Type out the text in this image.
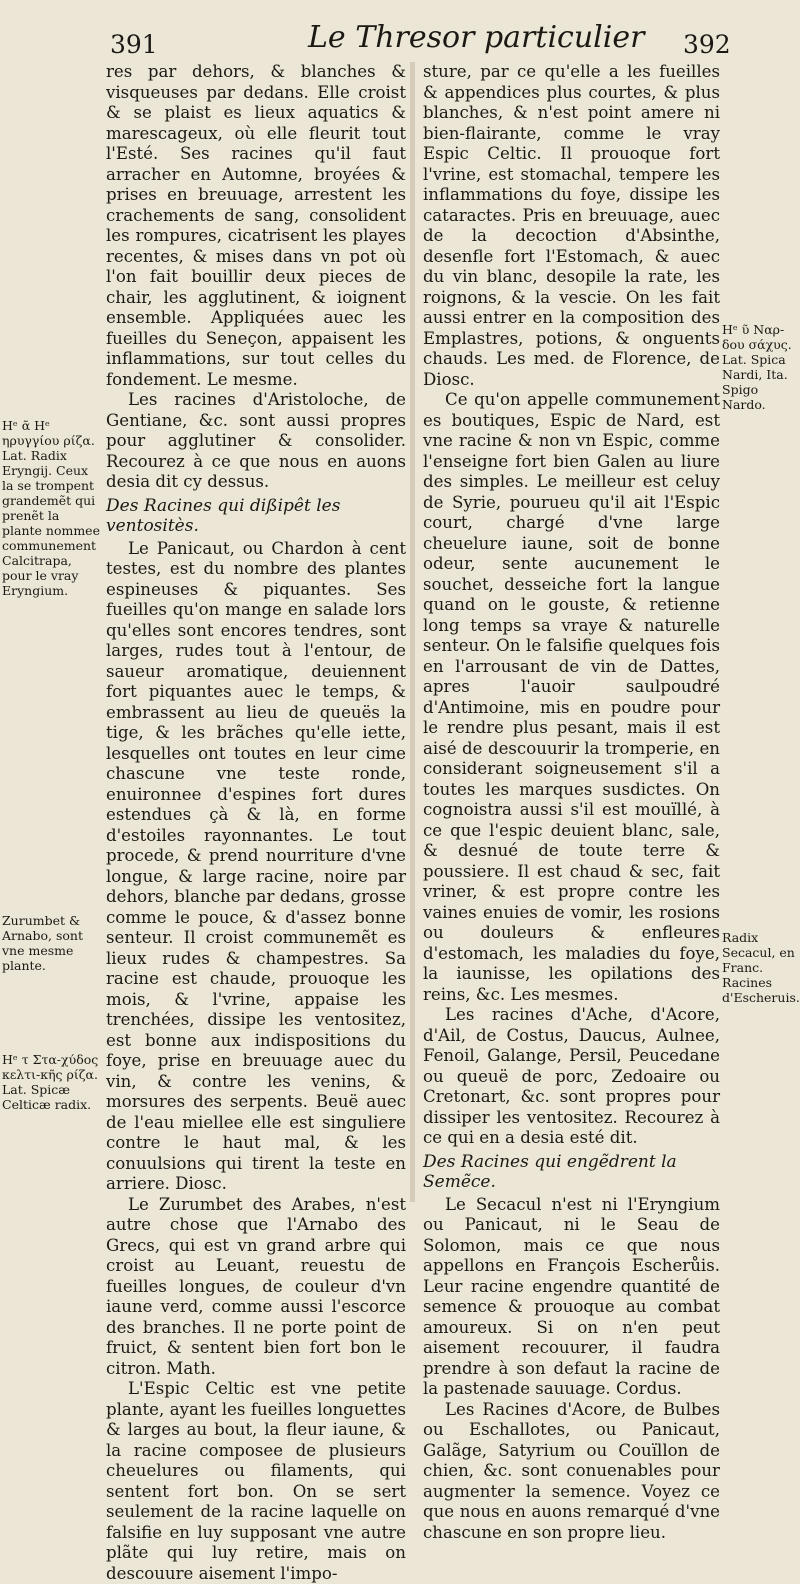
391	Le Thresor particulier 392

res par dehors, & blanches & visqueuses par dedans. Elle croist & se plaist es lieux aquatics & marescageux, où elle fleurit tout l'Esté. Ses racines qu'il faut arracher en Automne, broyées & prises en breuuage, arrestent les crachements de sang, consolident les rompures, cicatrisent les playes recentes, & mises dans vn pot où l'on fait bouillir deux pieces de chair, les agglutinent, & ioignent ensemble. Appliquées auec les fueilles du Seneçon, appaisent les inflammations, sur tout celles du fondement. Le mesme.

Les racines d'Aristoloche, de Gentiane, &c. sont aussi propres pour agglutiner & consolider. Recourez à ce que nous en auons desia dit cy dessus.

Des Racines qui dißipêt les ventositès.

Le Panicaut, ou Chardon à cent testes, est du nombre des plantes espineuses & piquantes. Ses fueilles qu'on mange en salade lors qu'elles sont encores tendres, sont larges, rudes tout à l'entour, de saueur aromatique, deuiennent fort piquantes auec le temps, & embrassent au lieu de queuës la tige, & les brãches qu'elle iette, lesquelles ont toutes en leur cime chascune vne teste ronde, enuironnee d'espines fort dures estendues çà & là, en forme d'estoiles rayonnantes. Le tout procede, & prend nourriture d'vne longue, & large racine, noire par dehors, blanche par dedans, grosse comme le pouce, & d'assez bonne senteur. Il croist communemẽt es lieux rudes & champestres. Sa racine est chaude, prouoque les mois, & l'vrine, appaise les trenchées, dissipe les ventositez, est bonne aux indispositions du foye, prise en breuuage auec du vin, & contre les venins, & morsures des serpents. Beuë auec de l'eau miellee elle est singuliere contre le haut mal, & les conuulsions qui tirent la teste en arriere. Diosc.

Le Zurumbet des Arabes, n'est autre chose que l'Arnabo des Grecs, qui est vn grand arbre qui croist au Leuant, reuestu de fueilles longues, de couleur d'vn iaune verd, comme aussi l'escorce des branches. Il ne porte point de fruict, & sentent bien fort bon le citron. Math.

L'Espic Celtic est vne petite plante, ayant les fueilles longuettes & larges au bout, la fleur iaune, & la racine composee de plusieurs cheuelures ou filaments, qui sentent fort bon. On se sert seulement de la racine laquelle on falsifie en luy supposant vne autre plãte qui luy retire, mais on descouure aisement l'impo-

sture, par ce qu'elle a les fueilles & appendices plus courtes, & plus blanches, & n'est point amere ni bien-flairante, comme le vray Espic Celtic. Il prouoque fort l'vrine, est stomachal, tempere les inflammations du foye, dissipe les cataractes. Pris en breuuage, auec de la decoction d'Absinthe, desenfle fort l'Estomach, & auec du vin blanc, desopile la rate, les roignons, & la vescie. On les fait aussi entrer en la composition des Emplastres, potions, & onguents chauds. Les med. de Florence, de Diosc.

Ce qu'on appelle communement es boutiques, Espic de Nard, est vne racine & non vn Espic, comme l'enseigne fort bien Galen au liure des simples. Le meilleur est celuy de Syrie, pourueu qu'il ait l'Espic court, chargé d'vne large cheuelure iaune, soit de bonne odeur, sente aucunement le souchet, desseiche fort la langue quand on le gouste, & retienne long temps sa vraye & naturelle senteur. On le falsifie quelques fois en l'arrousant de vin de Dattes, apres l'auoir saulpoudré d'Antimoine, mis en poudre pour le rendre plus pesant, mais il est aisé de descouurir la tromperie, en considerant soigneusement s'il a toutes les marques susdictes. On cognoistra aussi s'il est mouïllé, à ce que l'espic deuient blanc, sale, & desnué de toute terre & poussiere. Il est chaud & sec, fait vriner, & est propre contre les vaines enuies de vomir, les rosions ou douleurs & enfleures d'estomach, les maladies du foye, la iaunisse, les opilations des reins, &c. Les mesmes.

Les racines d'Ache, d'Acore, d'Ail, de Costus, Daucus, Aulnee, Fenoil, Galange, Persil, Peucedane ou queuë de porc, Zedoaire ou Cretonart, &c. sont propres pour dissiper les ventositez. Recourez à ce qui en a desia esté dit.

Des Racines qui engẽdrent la Semẽce.

Le Secacul n'est ni l'Eryngium ou Panicaut, ni le Seau de Solomon, mais ce que nous appellons en François Escherůis. Leur racine engendre quantité de semence & prouoque au combat amoureux. Si on n'en peut aisement recouurer, il faudra prendre à son defaut la racine de la pastenade sauuage. Cordus.

Les Racines d'Acore, de Bulbes ou Eschallotes, ou Panicaut, Galãge, Satyrium ou Couïllon de chien, &c. sont conuenables pour augmenter la semence. Voyez ce que nous en auons remarqué d'vne chascune en son propre lieu.

Hᵉ ᾶ Hᵉ ηρυγγίου ρίζα. Lat. Radix Eryngij. Ceux la se trompent grandemẽt qui prenẽt la plante nommee communement Calcitrapa, pour le vray Eryngium.
Zurumbet & Arnabo, sont vne mesme plante.
Hᵉ τ Στα-χύδος κελτι-κῆς ρίζα. Lat. Spicæ Celticæ radix.
Hᵉ ῦ Ναρ-δου σάχυς. Lat. Spica Nardi, Ita. Spigo Nardo.
Radix Secacul, en Franc. Racines d'Escheruis.
